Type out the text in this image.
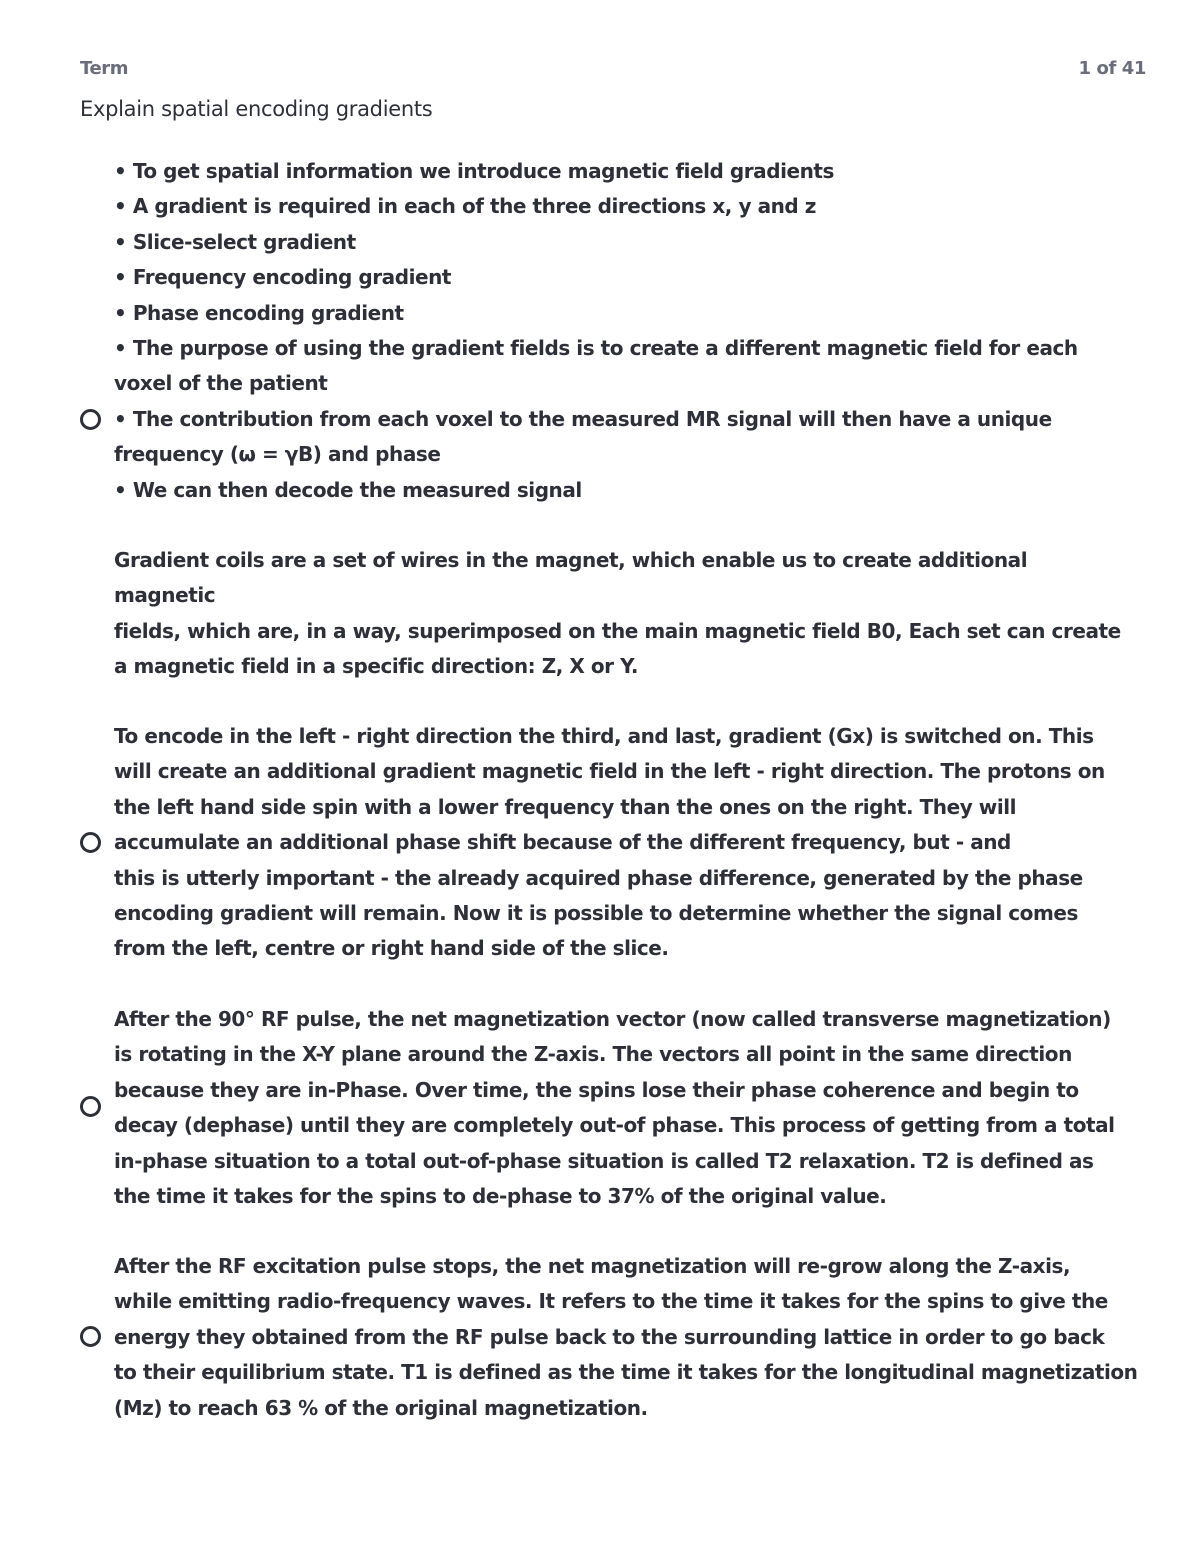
Term	1 of 41
Explain spatial encoding gradients
• To get spatial information we introduce magnetic field gradients
• A gradient is required in each of the three directions x, y and z
• Slice-select gradient
• Frequency encoding gradient
• Phase encoding gradient
• The purpose of using the gradient fields is to create a different magnetic field for each
voxel of the patient
• The contribution from each voxel to the measured MR signal will then have a unique
frequency (ω = γB) and phase
• We can then decode the measured signal
Gradient coils are a set of wires in the magnet, which enable us to create additional
magnetic
fields, which are, in a way, superimposed on the main magnetic field B0, Each set can create
a magnetic field in a specific direction: Z, X or Y.
To encode in the left - right direction the third, and last, gradient (Gx) is switched on. This
will create an additional gradient magnetic field in the left - right direction. The protons on
the left hand side spin with a lower frequency than the ones on the right. They will
accumulate an additional phase shift because of the different frequency, but - and
this is utterly important - the already acquired phase difference, generated by the phase
encoding gradient will remain. Now it is possible to determine whether the signal comes
from the left, centre or right hand side of the slice.
After the 90° RF pulse, the net magnetization vector (now called transverse magnetization)
is rotating in the X-Y plane around the Z-axis. The vectors all point in the same direction
because they are in-Phase. Over time, the spins lose their phase coherence and begin to
decay (dephase) until they are completely out-of phase. This process of getting from a total
in-phase situation to a total out-of-phase situation is called T2 relaxation. T2 is defined as
the time it takes for the spins to de-phase to 37% of the original value.
After the RF excitation pulse stops, the net magnetization will re-grow along the Z-axis,
while emitting radio-frequency waves. It refers to the time it takes for the spins to give the
energy they obtained from the RF pulse back to the surrounding lattice in order to go back
to their equilibrium state. T1 is defined as the time it takes for the longitudinal magnetization
(Mz) to reach 63 % of the original magnetization.
